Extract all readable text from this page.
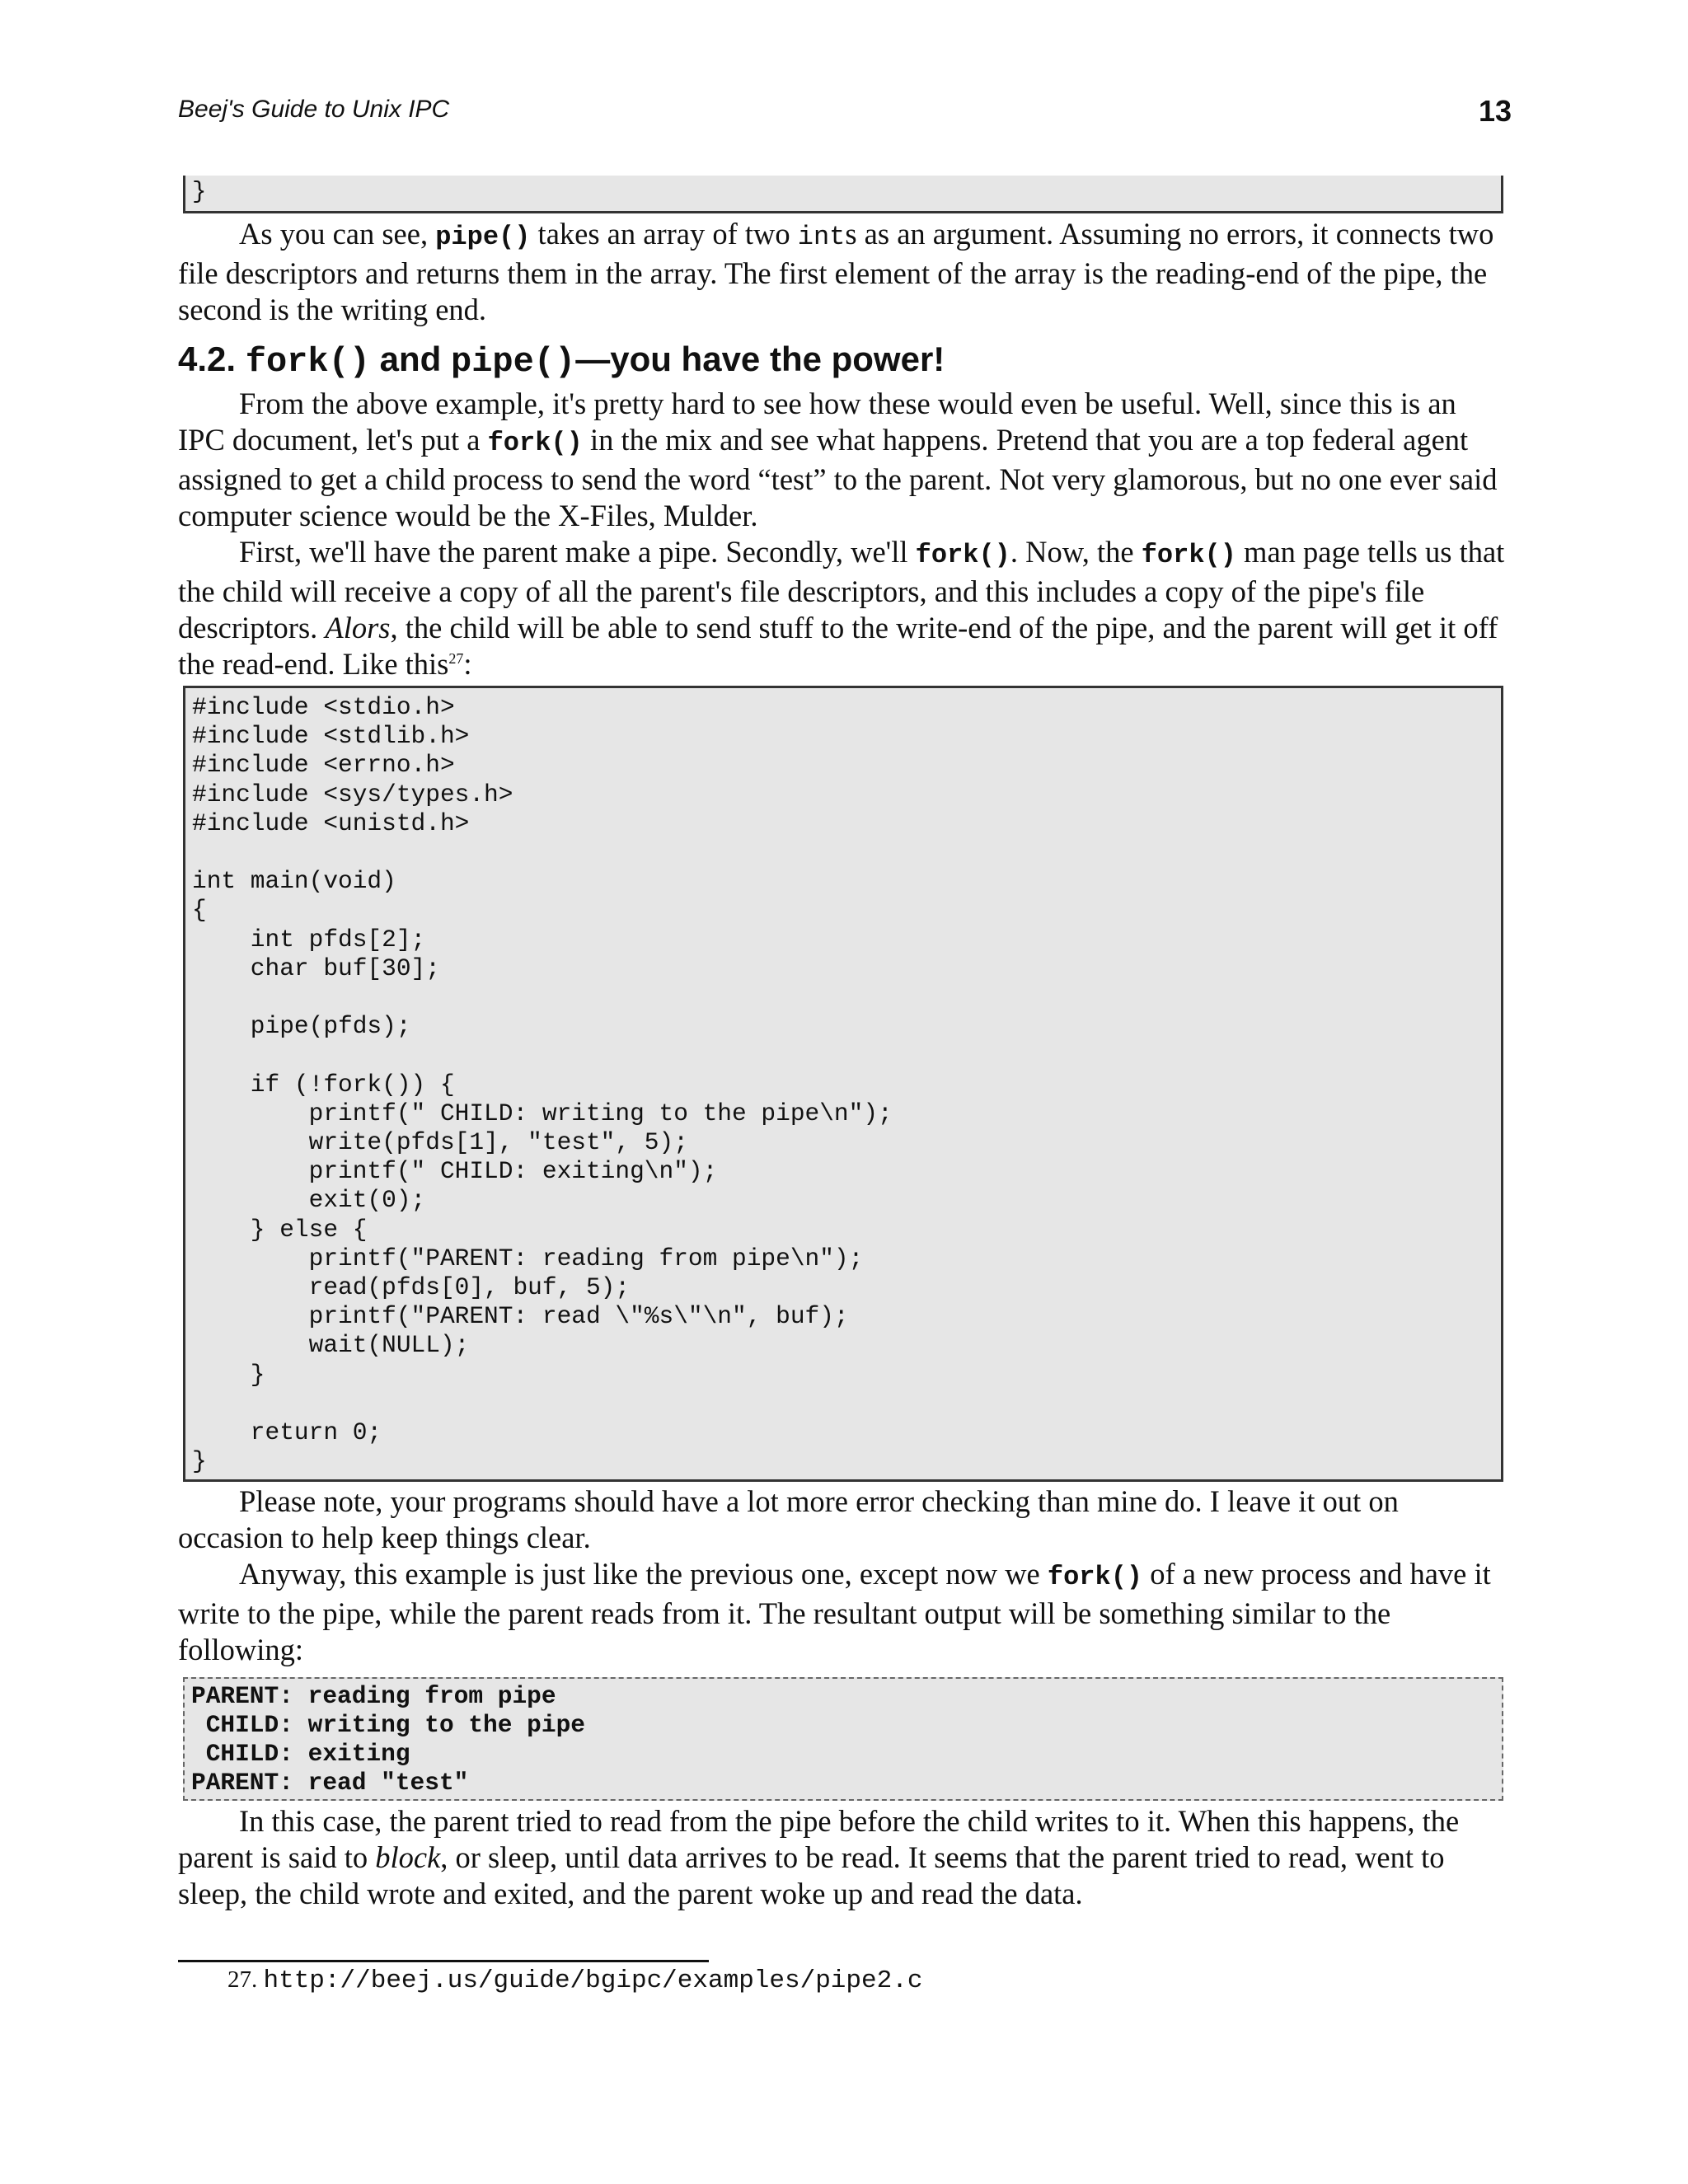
Beej's Guide to Unix IPC	13
}

As you can see, pipe() takes an array of two ints as an argument. Assuming no errors, it connects two file descriptors and returns them in the array. The first element of the array is the reading-end of the pipe, the second is the writing end.

4.2. fork() and pipe()—you have the power!

From the above example, it's pretty hard to see how these would even be useful. Well, since this is an IPC document, let's put a fork() in the mix and see what happens. Pretend that you are a top federal agent assigned to get a child process to send the word “test” to the parent. Not very glamorous, but no one ever said computer science would be the X-Files, Mulder.

First, we'll have the parent make a pipe. Secondly, we'll fork(). Now, the fork() man page tells us that the child will receive a copy of all the parent's file descriptors, and this includes a copy of the pipe's file descriptors. Alors, the child will be able to send stuff to the write-end of the pipe, and the parent will get it off the read-end. Like this$^{27}$:

#include <stdio.h>
#include <stdlib.h>
#include <errno.h>
#include <sys/types.h>
#include <unistd.h>

int main(void)
{
int pfds[2];
char buf[30];

pipe(pfds);

if (!fork()) {
printf(" CHILD: writing to the pipe\n");
write(pfds[1], "test", 5);
printf(" CHILD: exiting\n");
exit(0);
} else {
printf("PARENT: reading from pipe\n");
read(pfds[0], buf, 5);
printf("PARENT: read \"%s\"\n", buf);
wait(NULL);
}

return 0;
}

Please note, your programs should have a lot more error checking than mine do. I leave it out on occasion to help keep things clear.

Anyway, this example is just like the previous one, except now we fork() of a new process and have it write to the pipe, while the parent reads from it. The resultant output will be something similar to the following:

PARENT: reading from pipe
CHILD: writing to the pipe
CHILD: exiting
PARENT: read "test"

In this case, the parent tried to read from the pipe before the child writes to it. When this happens, the parent is said to block, or sleep, until data arrives to be read. It seems that the parent tried to read, went to sleep, the child wrote and exited, and the parent woke up and read the data.

27. http://beej.us/guide/bgipc/examples/pipe2.c
